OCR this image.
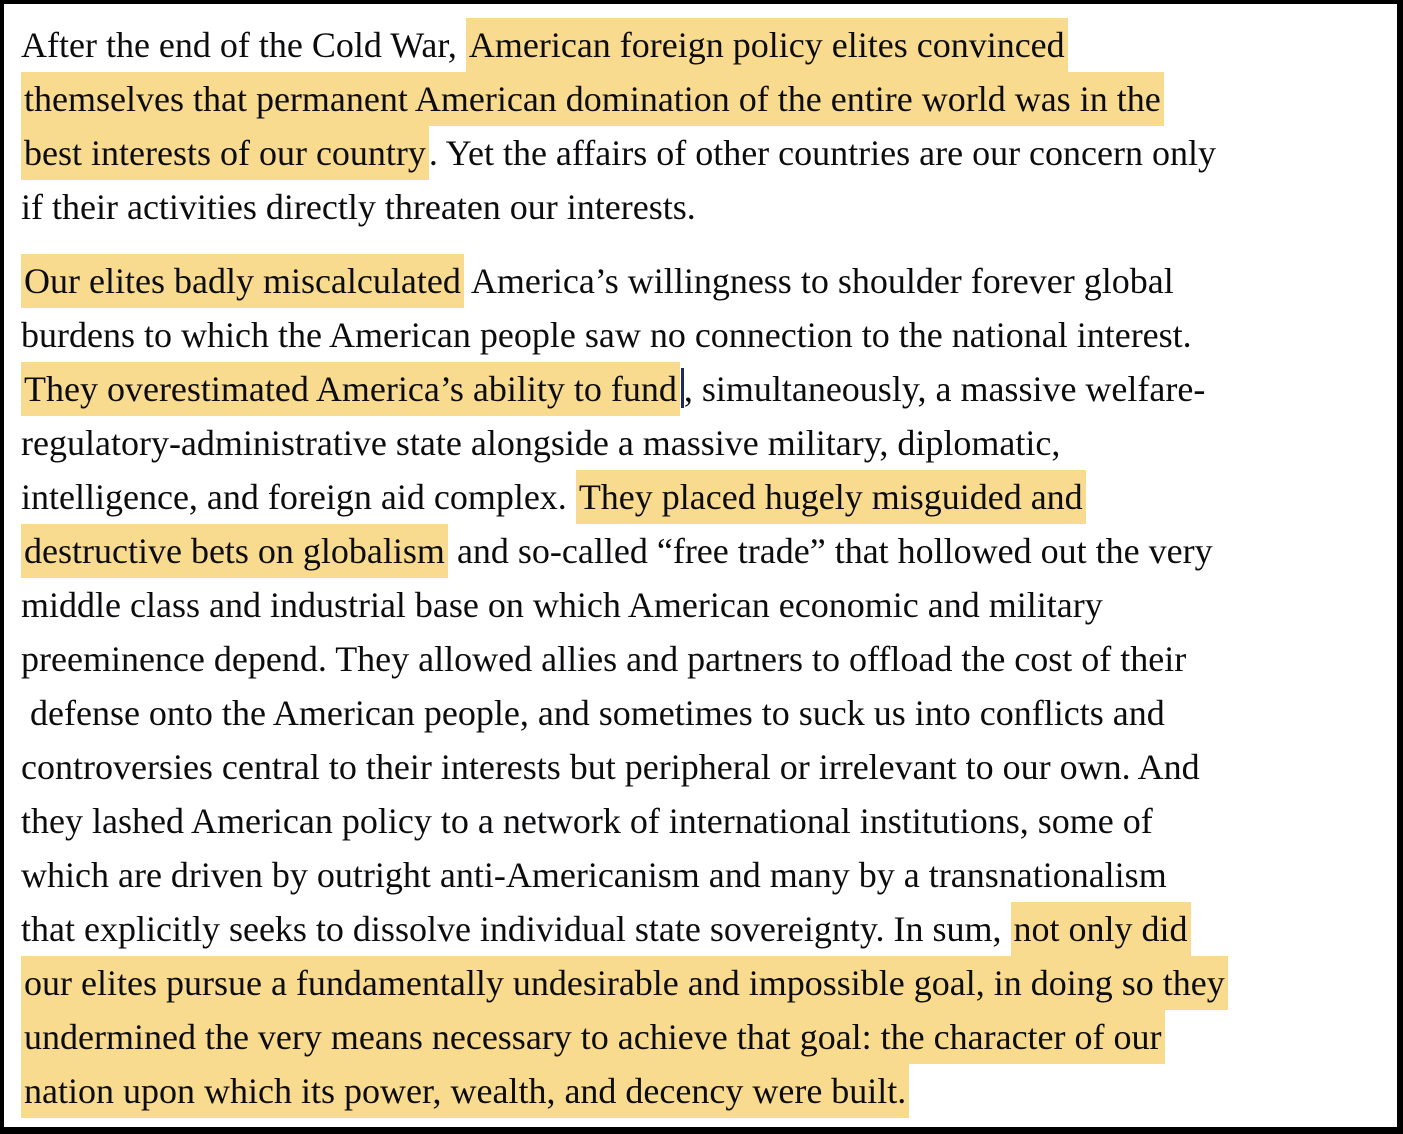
After the end of the Cold War, American foreign policy elites convinced
themselves that permanent American domination of the entire world was in the
best interests of our country. Yet the affairs of other countries are our concern only
if their activities directly threaten our interests.
Our elites badly miscalculated America’s willingness to shoulder forever global
burdens to which the American people saw no connection to the national interest.
They overestimated America’s ability to fund , simultaneously, a massive welfare-
regulatory-administrative state alongside a massive military, diplomatic,
intelligence, and foreign aid complex. They placed hugely misguided and
destructive bets on globalism and so-called “free trade” that hollowed out the very
middle class and industrial base on which American economic and military
preeminence depend. They allowed allies and partners to offload the cost of their
defense onto the American people, and sometimes to suck us into conflicts and
controversies central to their interests but peripheral or irrelevant to our own. And
they lashed American policy to a network of international institutions, some of
which are driven by outright anti-Americanism and many by a transnationalism
that explicitly seeks to dissolve individual state sovereignty. In sum, not only did
our elites pursue a fundamentally undesirable and impossible goal, in doing so they
undermined the very means necessary to achieve that goal: the character of our
nation upon which its power, wealth, and decency were built.
